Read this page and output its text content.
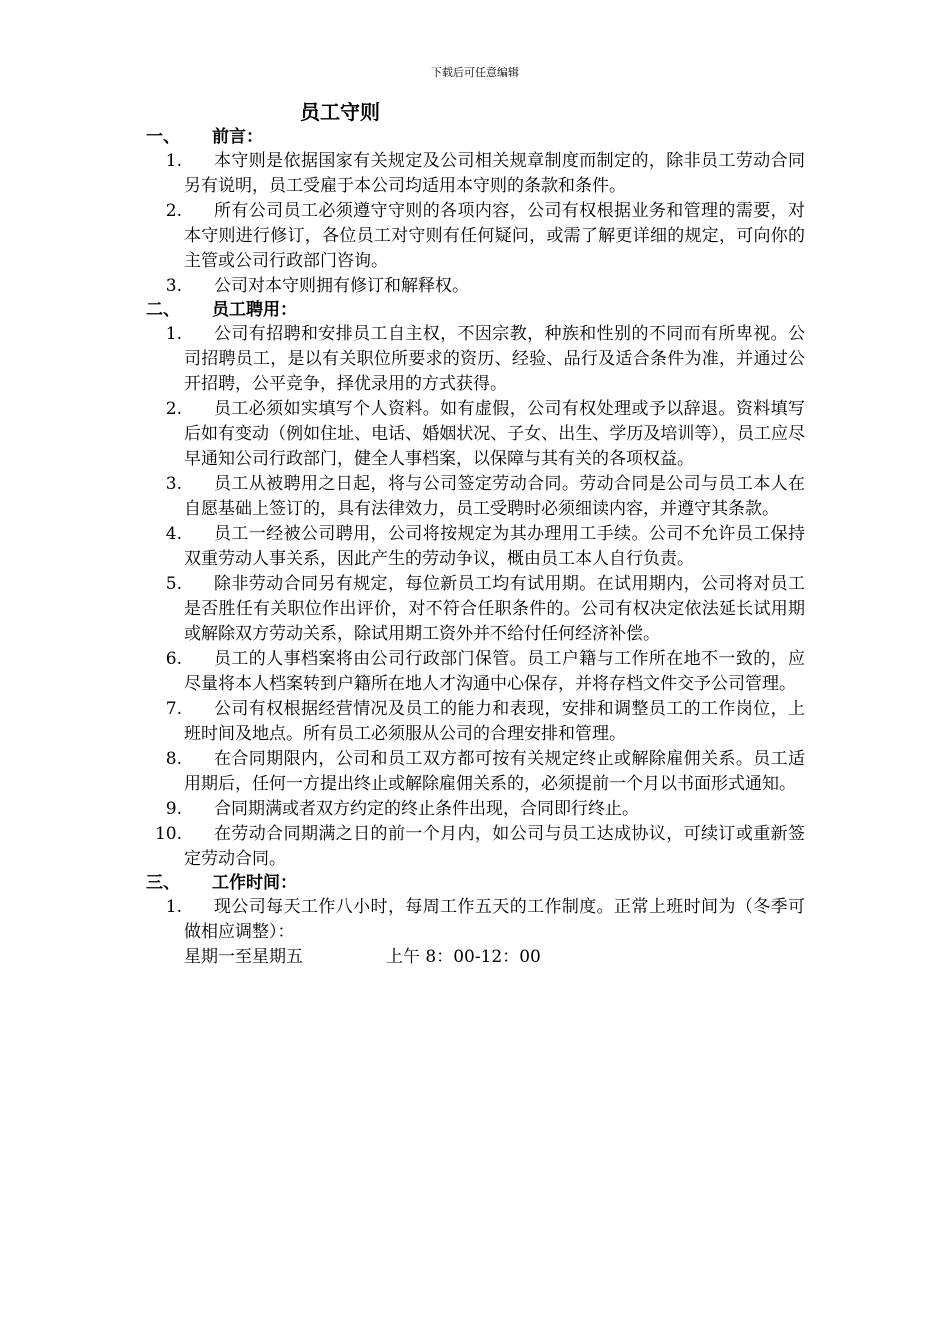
下载后可任意编辑
员工守则
一、	前言：
1.	本守则是依据国家有关规定及公司相关规章制度而制定的，除非员工劳动合同另有说明，员工受雇于本公司均适用本守则的条款和条件。
2.	所有公司员工必须遵守守则的各项内容，公司有权根据业务和管理的需要，对本守则进行修订，各位员工对守则有任何疑问，或需了解更详细的规定，可向你的主管或公司行政部门咨询。
3.	公司对本守则拥有修订和解释权。
二、	员工聘用：
1.	公司有招聘和安排员工自主权，不因宗教，种族和性别的不同而有所卑视。公司招聘员工，是以有关职位所要求的资历、经验、品行及适合条件为准，并通过公开招聘，公平竞争，择优录用的方式获得。
2.	员工必须如实填写个人资料。如有虚假，公司有权处理或予以辞退。资料填写后如有变动（例如住址、电话、婚姻状况、子女、出生、学历及培训等），员工应尽早通知公司行政部门，健全人事档案，以保障与其有关的各项权益。
3.	员工从被聘用之日起，将与公司签定劳动合同。劳动合同是公司与员工本人在自愿基础上签订的，具有法律效力，员工受聘时必须细读内容，并遵守其条款。
4.	员工一经被公司聘用，公司将按规定为其办理用工手续。公司不允许员工保持双重劳动人事关系，因此产生的劳动争议，概由员工本人自行负责。
5.	除非劳动合同另有规定，每位新员工均有试用期。在试用期内，公司将对员工是否胜任有关职位作出评价，对不符合任职条件的。公司有权决定依法延长试用期或解除双方劳动关系，除试用期工资外并不给付任何经济补偿。
6.	员工的人事档案将由公司行政部门保管。员工户籍与工作所在地不一致的，应尽量将本人档案转到户籍所在地人才沟通中心保存，并将存档文件交予公司管理。
7.	公司有权根据经营情况及员工的能力和表现，安排和调整员工的工作岗位，上班时间及地点。所有员工必须服从公司的合理安排和管理。
8.	在合同期限内，公司和员工双方都可按有关规定终止或解除雇佣关系。员工适用期后，任何一方提出终止或解除雇佣关系的，必须提前一个月以书面形式通知。
9.	合同期满或者双方约定的终止条件出现，合同即行终止。
10.	在劳动合同期满之日的前一个月内，如公司与员工达成协议，可续订或重新签定劳动合同。
三、	工作时间：
1.	现公司每天工作八小时，每周工作五天的工作制度。正常上班时间为（冬季可做相应调整）：
星期一至星期五	上午 8：00-12：00
